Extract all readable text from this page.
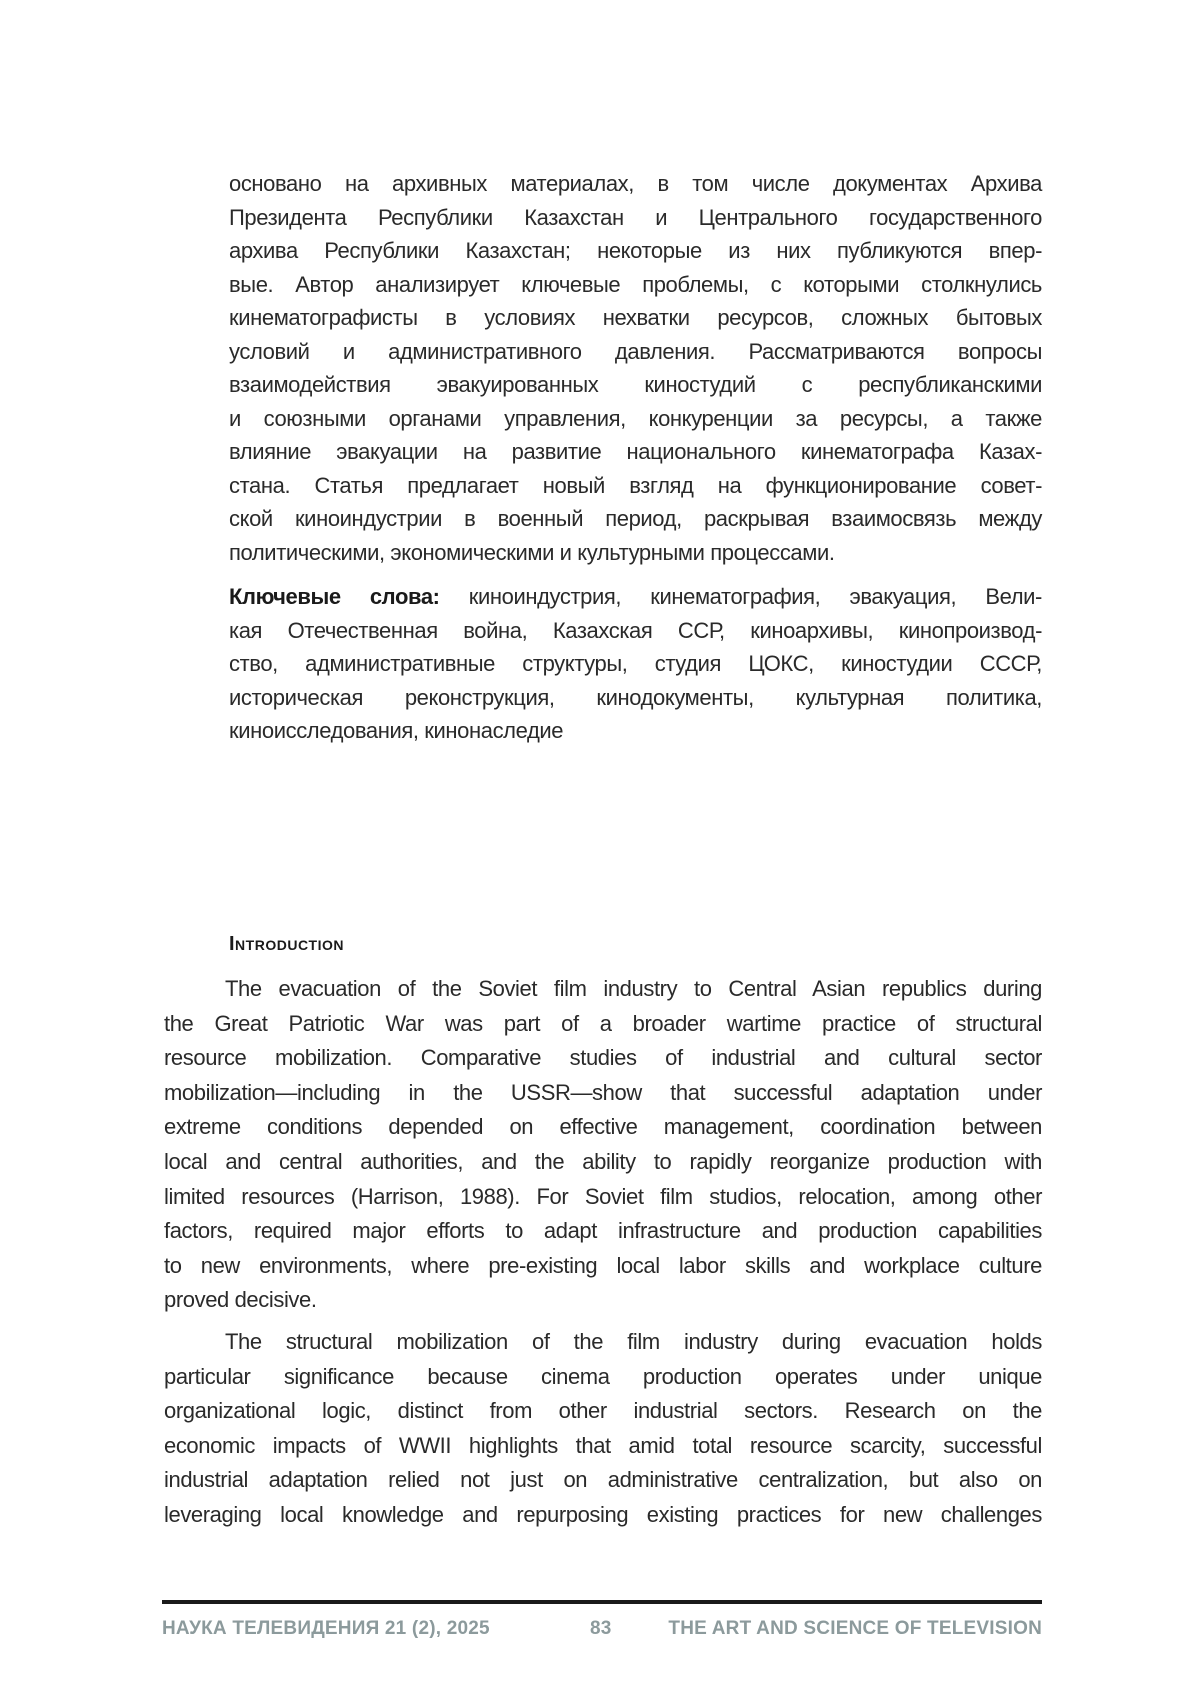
основано на архивных материалах, в том числе документах Архива
Президента Республики Казахстан и Центрального государственного
архива Республики Казахстан; некоторые из них публикуются впер-
вые. Автор анализирует ключевые проблемы, с которыми столкнулись
кинематографисты в условиях нехватки ресурсов, сложных бытовых
условий и административного давления. Рассматриваются вопросы
взаимодействия эвакуированных киностудий с республиканскими
и союзными органами управления, конкуренции за ресурсы, а также
влияние эвакуации на развитие национального кинематографа Казах-
стана. Статья предлагает новый взгляд на функционирование совет-
ской киноиндустрии в военный период, раскрывая взаимосвязь между
политическими, экономическими и культурными процессами.
Ключевые слова: киноиндустрия, кинематография, эвакуация, Вели-
кая Отечественная война, Казахская ССР, киноархивы, кинопроизвод-
ство, административные структуры, студия ЦОКС, киностудии СССР,
историческая реконструкция, кинодокументы, культурная политика,
киноисследования, кинонаследие
Introduction
The evacuation of the Soviet film industry to Central Asian republics during
the Great Patriotic War was part of a broader wartime practice of structural
resource mobilization. Comparative studies of industrial and cultural sector
mobilization—including in the USSR—show that successful adaptation under
extreme conditions depended on effective management, coordination between
local and central authorities, and the ability to rapidly reorganize production with
limited resources (Harrison, 1988). For Soviet film studios, relocation, among other
factors, required major efforts to adapt infrastructure and production capabilities
to new environments, where pre-existing local labor skills and workplace culture
proved decisive.
The structural mobilization of the film industry during evacuation holds
particular significance because cinema production operates under unique
organizational logic, distinct from other industrial sectors. Research on the
economic impacts of WWII highlights that amid total resource scarcity, successful
industrial adaptation relied not just on administrative centralization, but also on
leveraging local knowledge and repurposing existing practices for new challenges
НАУКА ТЕЛЕВИДЕНИЯ 21 (2), 2025	83	THE ART AND SCIENCE OF TELEVISION
